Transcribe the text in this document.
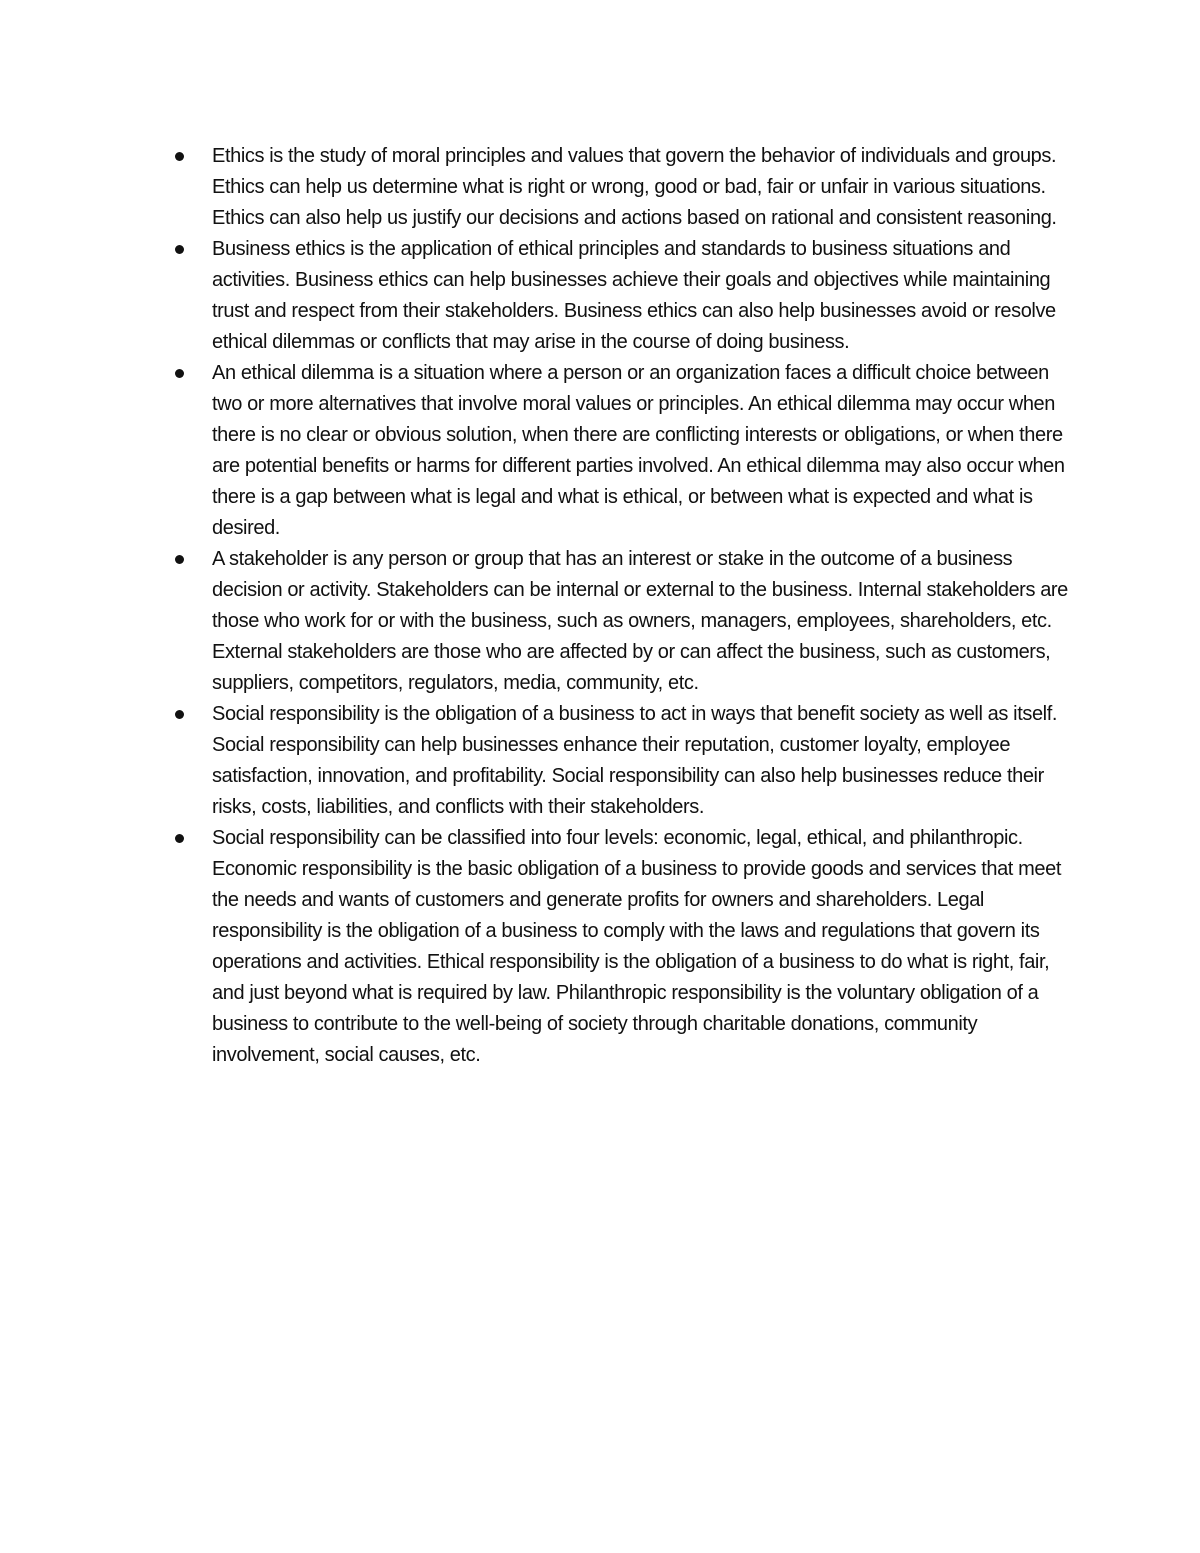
Ethics is the study of moral principles and values that govern the behavior of individuals and groups. Ethics can help us determine what is right or wrong, good or bad, fair or unfair in various situations. Ethics can also help us justify our decisions and actions based on rational and consistent reasoning.
Business ethics is the application of ethical principles and standards to business situations and activities. Business ethics can help businesses achieve their goals and objectives while maintaining trust and respect from their stakeholders. Business ethics can also help businesses avoid or resolve ethical dilemmas or conflicts that may arise in the course of doing business.
An ethical dilemma is a situation where a person or an organization faces a difficult choice between two or more alternatives that involve moral values or principles. An ethical dilemma may occur when there is no clear or obvious solution, when there are conflicting interests or obligations, or when there are potential benefits or harms for different parties involved. An ethical dilemma may also occur when there is a gap between what is legal and what is ethical, or between what is expected and what is desired.
A stakeholder is any person or group that has an interest or stake in the outcome of a business decision or activity. Stakeholders can be internal or external to the business. Internal stakeholders are those who work for or with the business, such as owners, managers, employees, shareholders, etc. External stakeholders are those who are affected by or can affect the business, such as customers, suppliers, competitors, regulators, media, community, etc.
Social responsibility is the obligation of a business to act in ways that benefit society as well as itself. Social responsibility can help businesses enhance their reputation, customer loyalty, employee satisfaction, innovation, and profitability. Social responsibility can also help businesses reduce their risks, costs, liabilities, and conflicts with their stakeholders.
Social responsibility can be classified into four levels: economic, legal, ethical, and philanthropic. Economic responsibility is the basic obligation of a business to provide goods and services that meet the needs and wants of customers and generate profits for owners and shareholders. Legal responsibility is the obligation of a business to comply with the laws and regulations that govern its operations and activities. Ethical responsibility is the obligation of a business to do what is right, fair, and just beyond what is required by law. Philanthropic responsibility is the voluntary obligation of a business to contribute to the well-being of society through charitable donations, community involvement, social causes, etc.
